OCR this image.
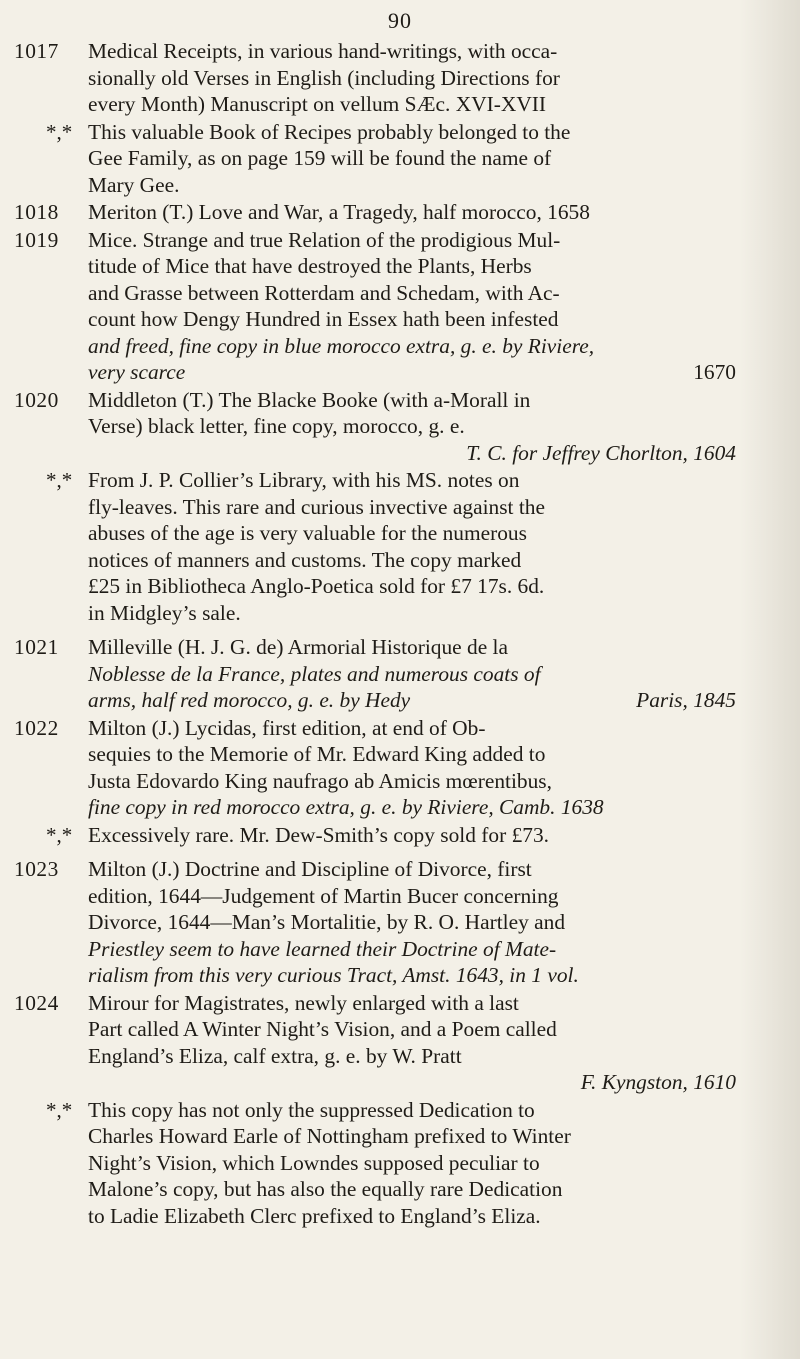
90
1017	Medical Receipts, in various hand-writings, with occa-
sionally old Verses in English (including Directions for
every Month) Manuscript on vellum SÆc. XVI-XVII
*,* This valuable Book of Recipes probably belonged to the
Gee Family, as on page 159 will be found the name of
Mary Gee.
1018	Meriton (T.) Love and War, a Tragedy, half morocco, 1658
1019	Mice. Strange and true Relation of the prodigious Mul-
titude of Mice that have destroyed the Plants, Herbs
and Grasse between Rotterdam and Schedam, with Ac-
count how Dengy Hundred in Essex hath been infested
and freed, fine copy in blue morocco extra, g. e. by Riviere,
very scarce	1670
1020	Middleton (T.) The Blacke Booke (with a-Morall in
Verse) black letter, fine copy, morocco, g. e.
T. C. for Jeffrey Chorlton, 1604
*,* From J. P. Collier’s Library, with his MS. notes on
fly-leaves. This rare and curious invective against the
abuses of the age is very valuable for the numerous
notices of manners and customs. The copy marked
£25 in Bibliotheca Anglo-Poetica sold for £7 17s. 6d.
in Midgley’s sale.
1021	Milleville (H. J. G. de) Armorial Historique de la
Noblesse de la France, plates and numerous coats of
arms, half red morocco, g. e. by Hedy	Paris, 1845
1022	Milton (J.) Lycidas, first edition, at end of Ob-
sequies to the Memorie of Mr. Edward King added to
Justa Edovardo King naufrago ab Amicis mœrentibus,
fine copy in red morocco extra, g. e. by Riviere, Camb. 1638
*,* Excessively rare. Mr. Dew-Smith’s copy sold for £73.
1023	Milton (J.) Doctrine and Discipline of Divorce, first
edition, 1644—Judgement of Martin Bucer concerning
Divorce, 1644—Man’s Mortalitie, by R. O. Hartley and
Priestley seem to have learned their Doctrine of Mate-
rialism from this very curious Tract, Amst. 1643, in 1 vol.
1024	Mirour for Magistrates, newly enlarged with a last
Part called A Winter Night’s Vision, and a Poem called
England’s Eliza, calf extra, g. e. by W. Pratt
F. Kyngston, 1610
*,* This copy has not only the suppressed Dedication to
Charles Howard Earle of Nottingham prefixed to Winter
Night’s Vision, which Lowndes supposed peculiar to
Malone’s copy, but has also the equally rare Dedication
to Ladie Elizabeth Clerc prefixed to England’s Eliza.
